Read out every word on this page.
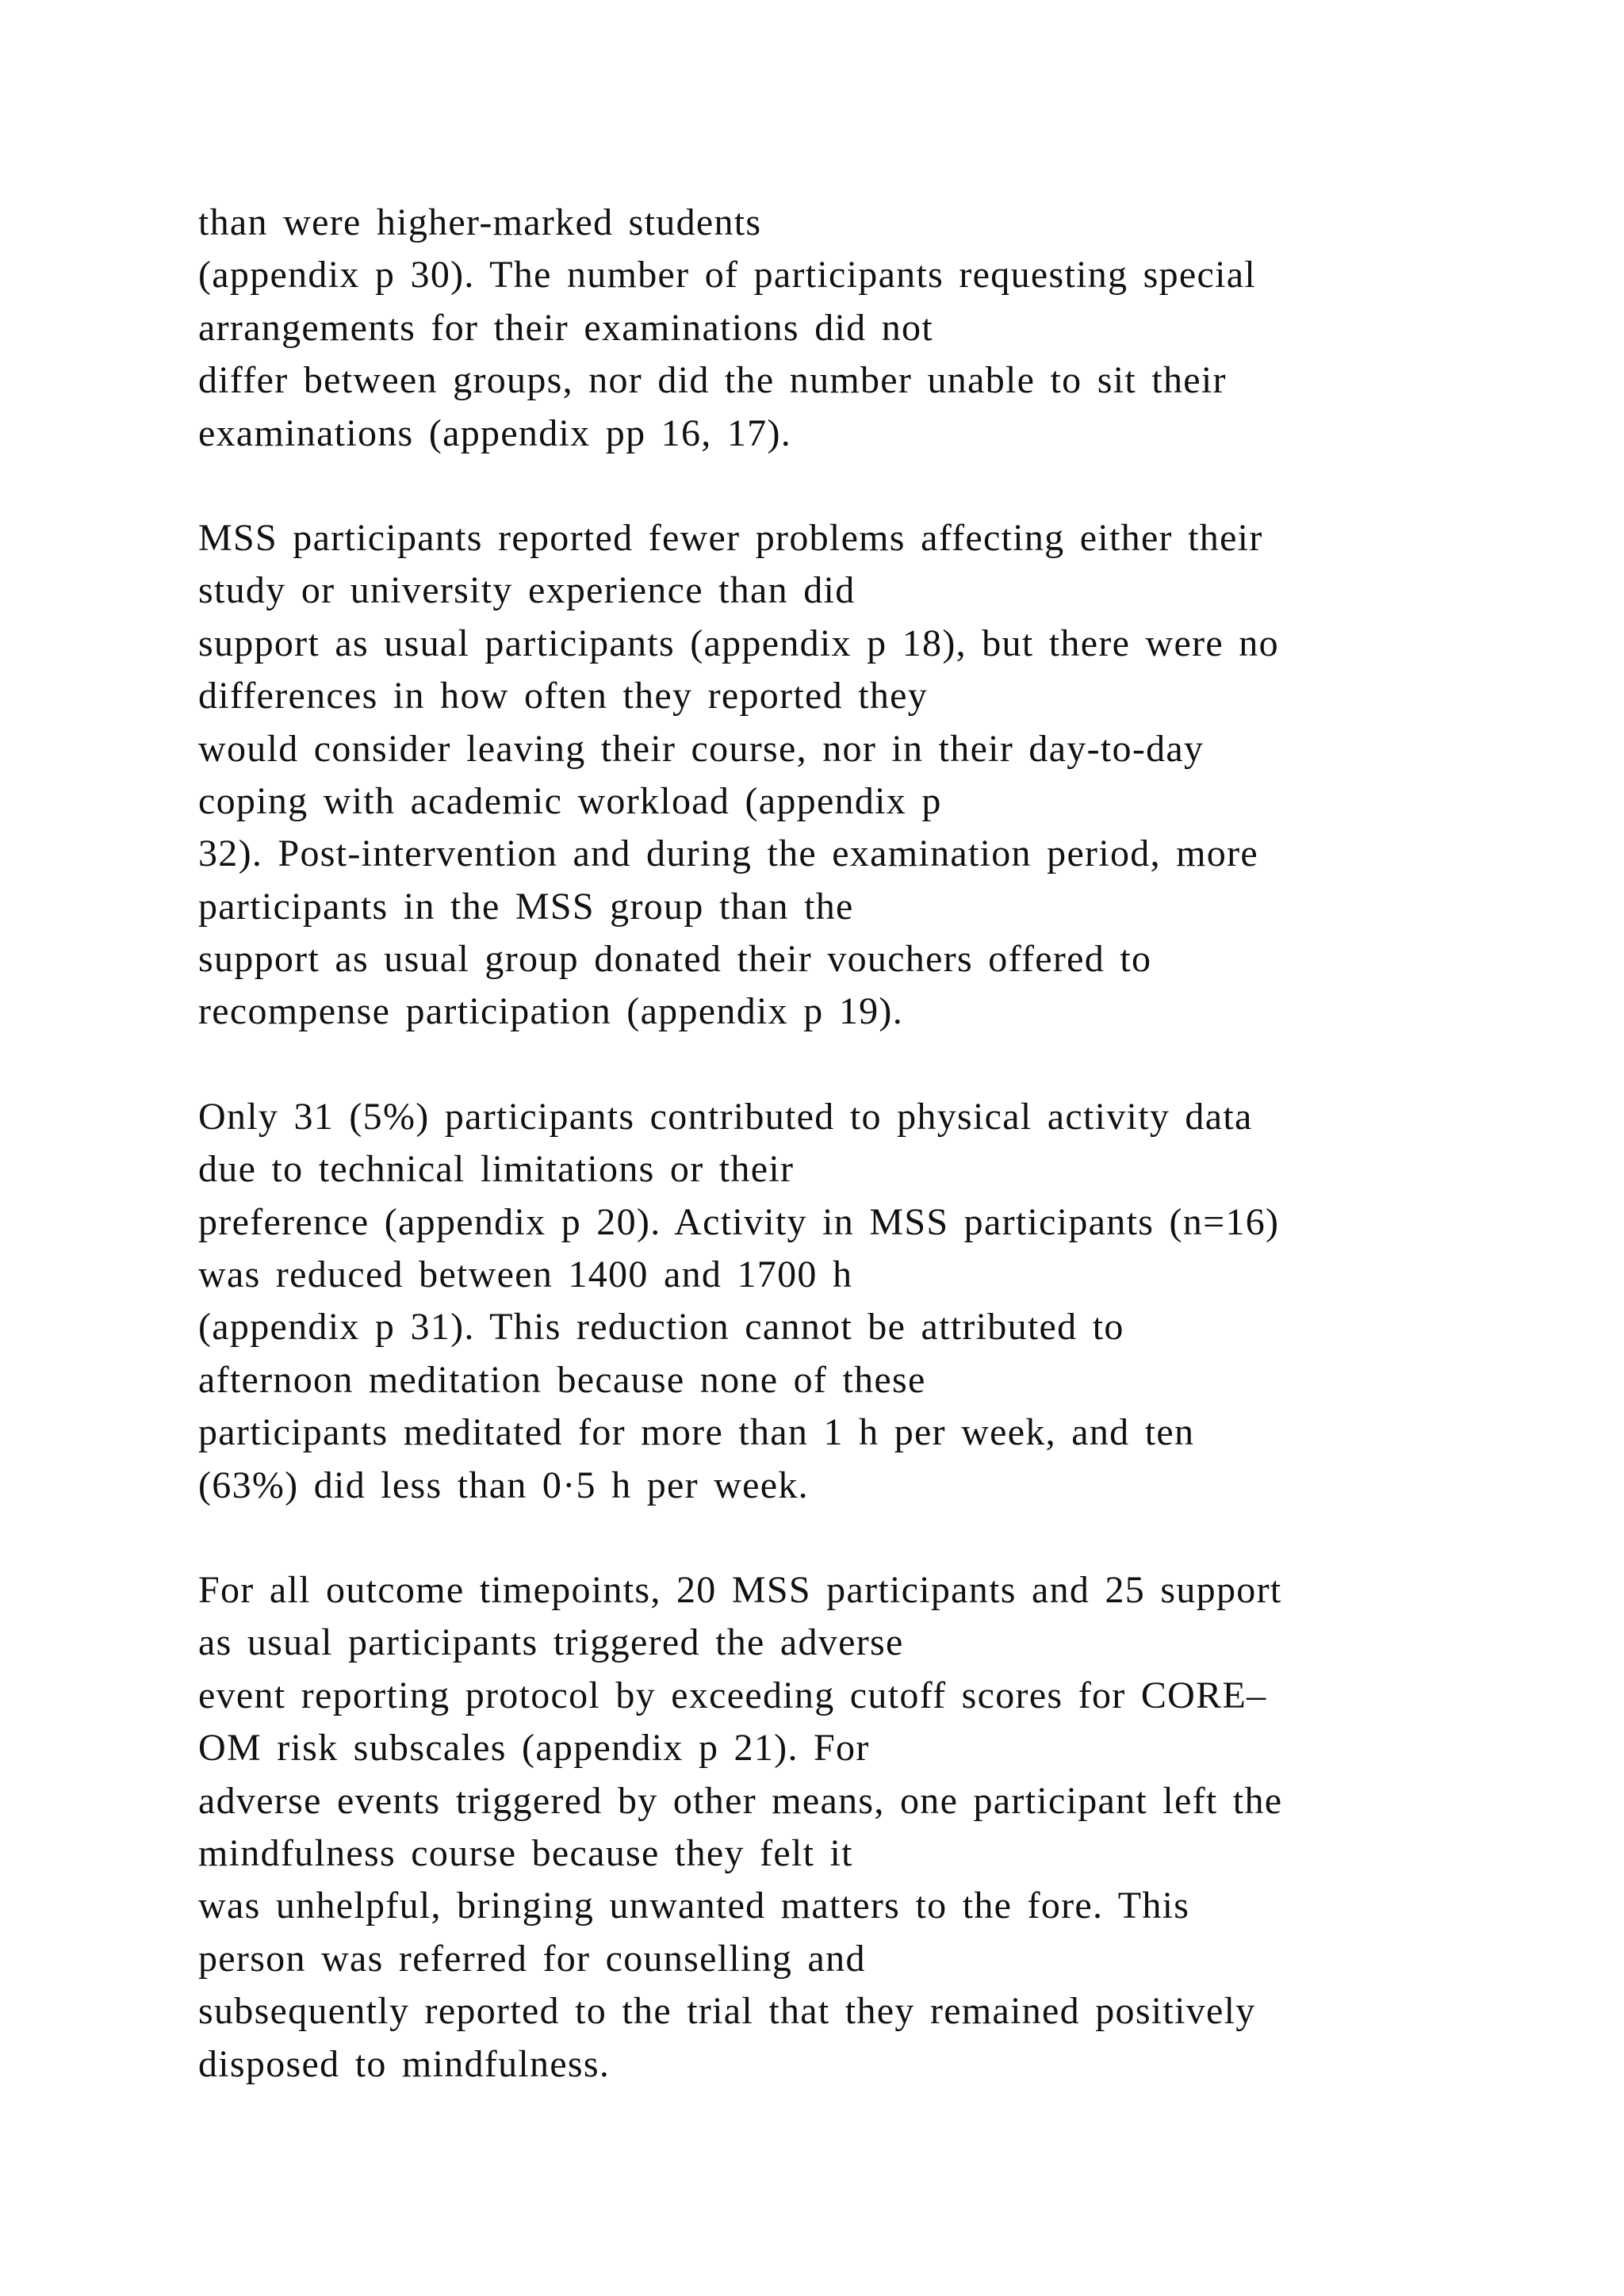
than were higher-marked students
(appendix p 30). The number of participants requesting special
arrangements for their examinations did not
differ between groups, nor did the number unable to sit their
examinations (appendix pp 16, 17).

MSS participants reported fewer problems affecting either their
study or university experience than did
support as usual participants (appendix p 18), but there were no
differences in how often they reported they
would consider leaving their course, nor in their day-to-day
coping with academic workload (appendix p
32). Post-intervention and during the examination period, more
participants in the MSS group than the
support as usual group donated their vouchers offered to
recompense participation (appendix p 19).

Only 31 (5%) participants contributed to physical activity data
due to technical limitations or their
preference (appendix p 20). Activity in MSS participants (n=16)
was reduced between 1400 and 1700 h
(appendix p 31). This reduction cannot be attributed to
afternoon meditation because none of these
participants meditated for more than 1 h per week, and ten
(63%) did less than 0·5 h per week.

For all outcome timepoints, 20 MSS participants and 25 support
as usual participants triggered the adverse
event reporting protocol by exceeding cutoff scores for CORE–
OM risk subscales (appendix p 21). For
adverse events triggered by other means, one participant left the
mindfulness course because they felt it
was unhelpful, bringing unwanted matters to the fore. This
person was referred for counselling and
subsequently reported to the trial that they remained positively
disposed to mindfulness.
